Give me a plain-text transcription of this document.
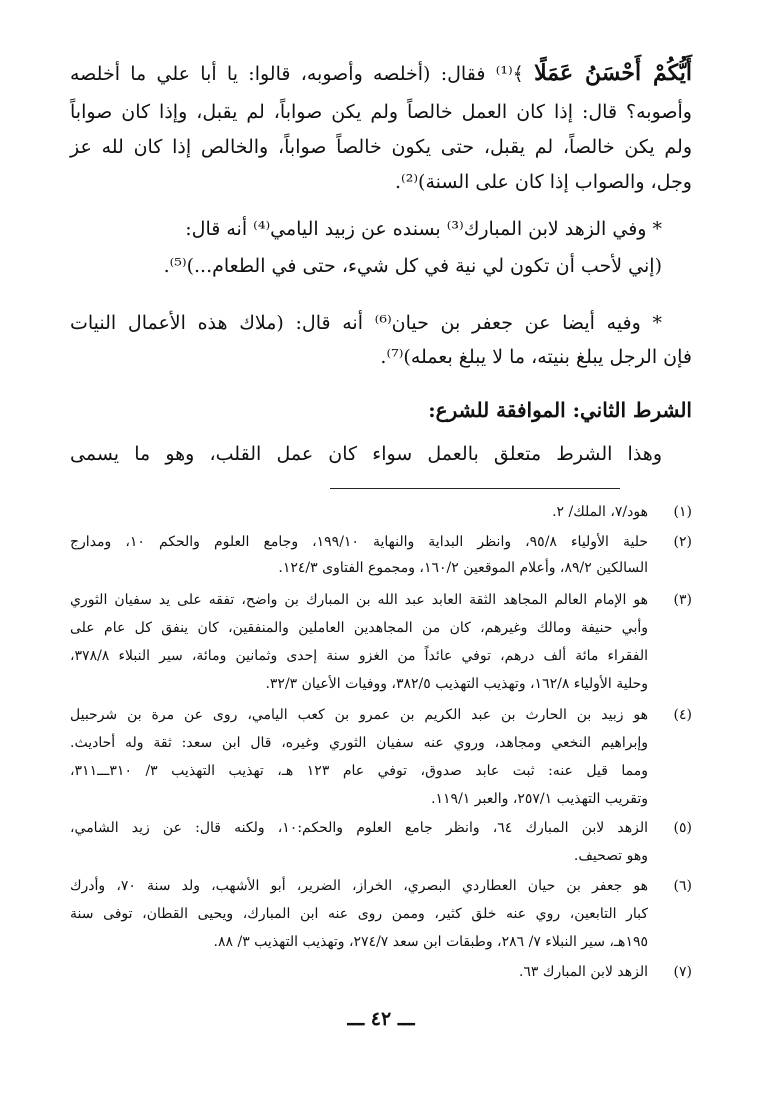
أَيُّكُمْ أَحْسَنُ عَمَلًا ﴾⁽¹⁾ فقال: (أخلصه وأصوبه، قالوا: يا أبا علي ما أخلصه
وأصوبه؟ قال: إذا كان العمل خالصاً ولم يكن صواباً، لم يقبل، وإذا كان صواباً
ولم يكن خالصاً، لم يقبل، حتى يكون خالصاً صواباً، والخالص إذا كان لله عز
وجل، والصواب إذا كان على السنة)⁽²⁾.
* وفي الزهد لابن المبارك⁽³⁾ بسنده عن زبيد اليامي⁽⁴⁾ أنه قال:
(إني لأحب أن تكون لي نية في كل شيء، حتى في الطعام...)⁽⁵⁾.
* وفيه أيضا عن جعفر بن حيان⁽⁶⁾ أنه قال: (ملاك هذه الأعمال النيات
فإن الرجل يبلغ بنيته، ما لا يبلغ بعمله)⁽⁷⁾.
الشرط الثاني: الموافقة للشرع:
وهذا الشرط متعلق بالعمل سواء كان عمل القلب، وهو ما يسمى
(١)
هود/٧، الملك/ ٢.
(٢)
حلية الأولياء ٩٥/٨، وانظر البداية والنهاية ١٩٩/١٠، وجامع العلوم والحكم ١٠، ومدارج
السالكين ٨٩/٢، وأعلام الموقعين ١٦٠/٢، ومجموع الفتاوى ١٢٤/٣.
(٣)
هو الإمام العالم المجاهد الثقة العابد عبد الله بن المبارك بن واضح، تفقه على يد سفيان الثوري
وأبي حنيفة ومالك وغيرهم، كان من المجاهدين العاملين والمنفقين، كان ينفق كل عام على
الفقراء مائة ألف درهم، توفي عائداً من الغزو سنة إحدى وثمانين ومائة، سير النبلاء ٣٧٨/٨،
وحلية الأولياء ١٦٢/٨، وتهذيب التهذيب ٣٨٢/٥، ووفيات الأعيان ٣٢/٣.
(٤)
هو زبيد بن الحارث بن عبد الكريم بن عمرو بن كعب اليامي، روى عن مرة بن شرحبيل
وإبراهيم النخعي ومجاهد، وروي عنه سفيان الثوري وغيره، قال ابن سعد: ثقة وله أحاديث.
ومما قيل عنه: ثبت عابد صدوق، توفي عام ١٢٣ هـ، تهذيب التهذيب ٣/ ٣١٠ـــ٣١١،
وتقريب التهذيب ٢٥٧/١، والعبر ١١٩/١.
(٥)
الزهد لابن المبارك ٦٤، وانظر جامع العلوم والحكم:١٠، ولكنه قال: عن زيد الشامي،
وهو تصحيف.
(٦)
هو جعفر بن حيان العطاردي البصري، الخراز، الضرير، أبو الأشهب، ولد سنة ٧٠، وأدرك
كبار التابعين، روي عنه خلق كثير، وممن روى عنه ابن المبارك، ويحيى القطان، توفى سنة
١٩٥هـ، سير النبلاء ٧/ ٢٨٦، وطبقات ابن سعد ٢٧٤/٧، وتهذيب التهذيب ٣/ ٨٨.
(٧)
الزهد لابن المبارك ٦٣.
ـــ ٤٢ ـــ
